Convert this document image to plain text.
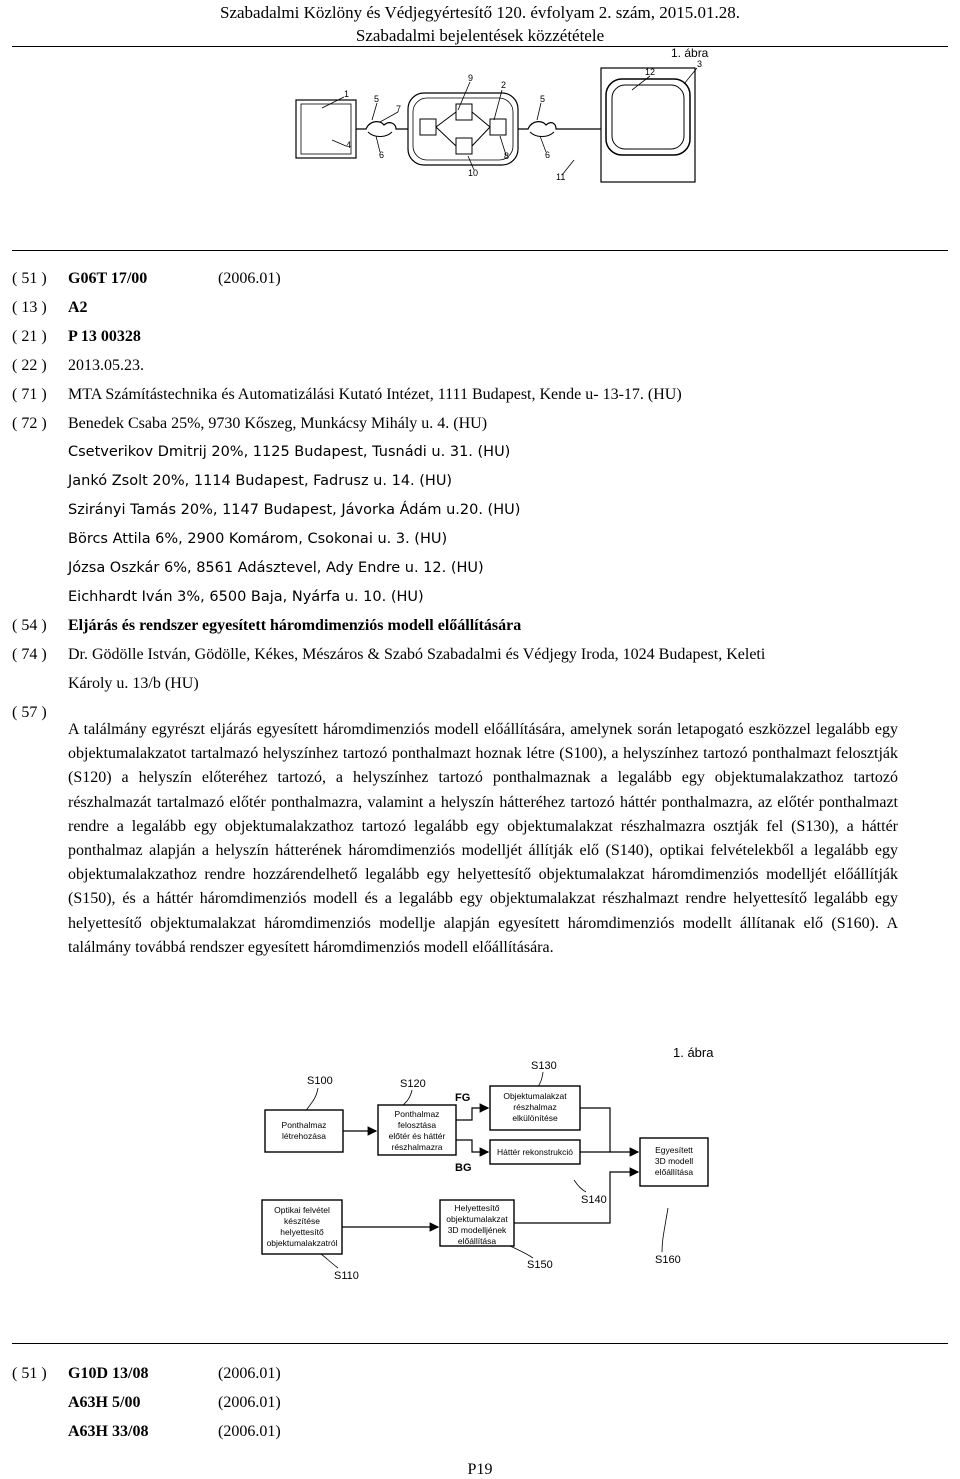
Szabadalmi Közlöny és Védjegyértesítő 120. évfolyam 2. szám, 2015.01.28.
Szabadalmi bejelentések közzététele
1. ábra
1	5
7
9
2
5
12
3
4
6	8	6
10	11
( 51 ) G06T 17/00	(2006.01)
( 13 ) A2
( 21 ) P 13 00328
( 22 ) 2013.05.23.
( 71 ) MTA Számítástechnika és Automatizálási Kutató Intézet, 1111 Budapest, Kende u- 13-17. (HU)
( 72 ) Benedek Csaba 25%, 9730 Kőszeg, Munkácsy Mihály u. 4. (HU)
Csetverikov Dmitrij 20%, 1125 Budapest, Tusnádi u. 31. (HU)
Jankó Zsolt 20%, 1114 Budapest, Fadrusz u. 14. (HU)
Szirányi Tamás 20%, 1147 Budapest, Jávorka Ádám u.20. (HU)
Börcs Attila 6%, 2900 Komárom, Csokonai u. 3. (HU)
Józsa Oszkár 6%, 8561 Adásztevel, Ady Endre u. 12. (HU)
Eichhardt Iván 3%, 6500 Baja, Nyárfa u. 10. (HU)
( 54 ) Eljárás és rendszer egyesített háromdimenziós modell előállítására
( 74 ) Dr. Gödölle István, Gödölle, Kékes, Mészáros & Szabó Szabadalmi és Védjegy Iroda, 1024 Budapest, Keleti
Károly u. 13/b (HU)
( 57 )
A találmány egyrészt eljárás egyesített háromdimenziós modell előállítására, amelynek során letapogató eszközzel legalább egy objektumalakzatot tartalmazó helyszínhez tartozó ponthalmazt hoznak létre (S100), a helyszínhez tartozó ponthalmazt felosztják (S120) a helyszín előteréhez tartozó, a helyszínhez tartozó ponthalmaznak a legalább egy objektumalakzathoz tartozó részhalmazát tartalmazó előtér ponthalmazra, valamint a helyszín hátteréhez tartozó háttér ponthalmazra, az előtér ponthalmazt rendre a legalább egy objektumalakzathoz tartozó legalább egy objektumalakzat részhalmazra osztják fel (S130), a háttér ponthalmaz alapján a helyszín hátterének háromdimenziós modelljét állítják elő (S140), optikai felvételekből a legalább egy objektumalakzathoz rendre hozzárendelhető legalább egy helyettesítő objektumalakzat háromdimenziós modelljét előállítják (S150), és a háttér háromdimenziós modell és a legalább egy objektumalakzat részhalmazt rendre helyettesítő legalább egy helyettesítő objektumalakzat háromdimenziós modellje alapján egyesített háromdimenziós modellt állítanak elő (S160). A találmány továbbá rendszer egyesített háromdimenziós modell előállítására.
1. ábra
S100	S120
S130
S140
S160
S110
S150
FG
BG
Ponthalmaz
létrehozása
Ponthalmaz
felosztása
előtér és háttér
részhalmazra
Objektumalakzat
részhalmaz
elkülönítése
Háttér rekonstrukció	Egyesített
3D modell
előállítása
Optikai felvétel
készítése
helyettesítő
objektumalakzatról
Helyettesítő
objektumalakzat
3D modelljének
előállítása
( 51 ) G10D 13/08	(2006.01)
A63H 5/00	(2006.01)
A63H 33/08	(2006.01)
P19
